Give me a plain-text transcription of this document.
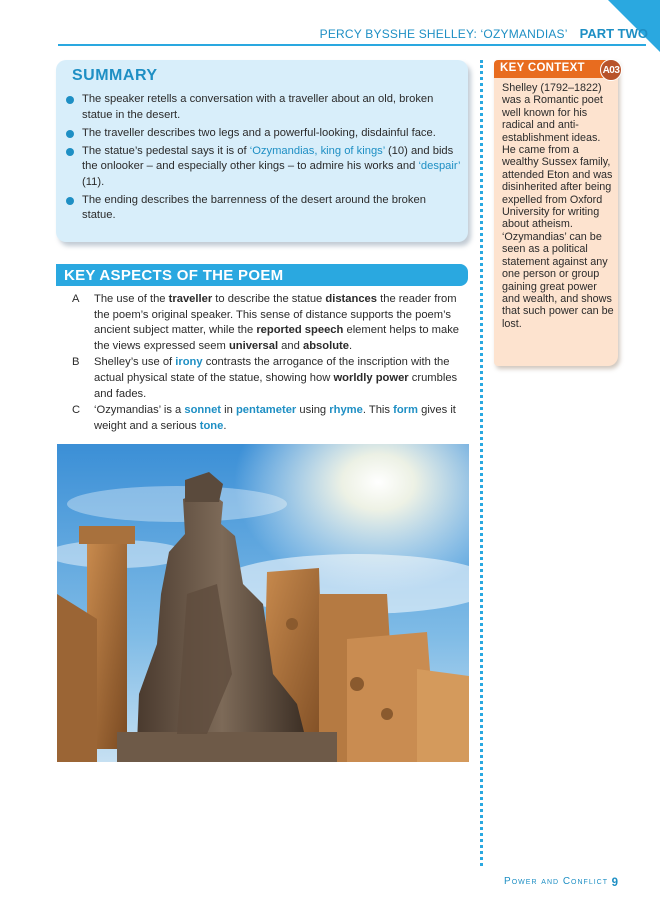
PERCY BYSSHE SHELLEY: ‘OZYMANDIAS’ PART TWO
SUMMARY
The speaker retells a conversation with a traveller about an old, broken statue in the desert.
The traveller describes two legs and a powerful-looking, disdainful face.
The statue’s pedestal says it is of ‘Ozymandias, king of kings’ (10) and bids the onlooker – and especially other kings – to admire his works and ‘despair’ (11).
The ending describes the barrenness of the desert around the broken statue.
KEY ASPECTS OF THE POEM
A The use of the traveller to describe the statue distances the reader from the poem’s original speaker. This sense of distance supports the poem’s ancient subject matter, while the reported speech element helps to make the views expressed seem universal and absolute.
B Shelley’s use of irony contrasts the arrogance of the inscription with the actual physical state of the statue, showing how worldly power crumbles and fades.
C ‘Ozymandias’ is a sonnet in pentameter using rhyme. This form gives it weight and a serious tone.
KEY CONTEXT A03
Shelley (1792–1822) was a Romantic poet well known for his radical and anti-establishment ideas. He came from a wealthy Sussex family, attended Eton and was disinherited after being expelled from Oxford University for writing about atheism. ‘Ozymandias’ can be seen as a political statement against any one person or group gaining great power and wealth, and shows that such power can be lost.
Power and Conflict 9
